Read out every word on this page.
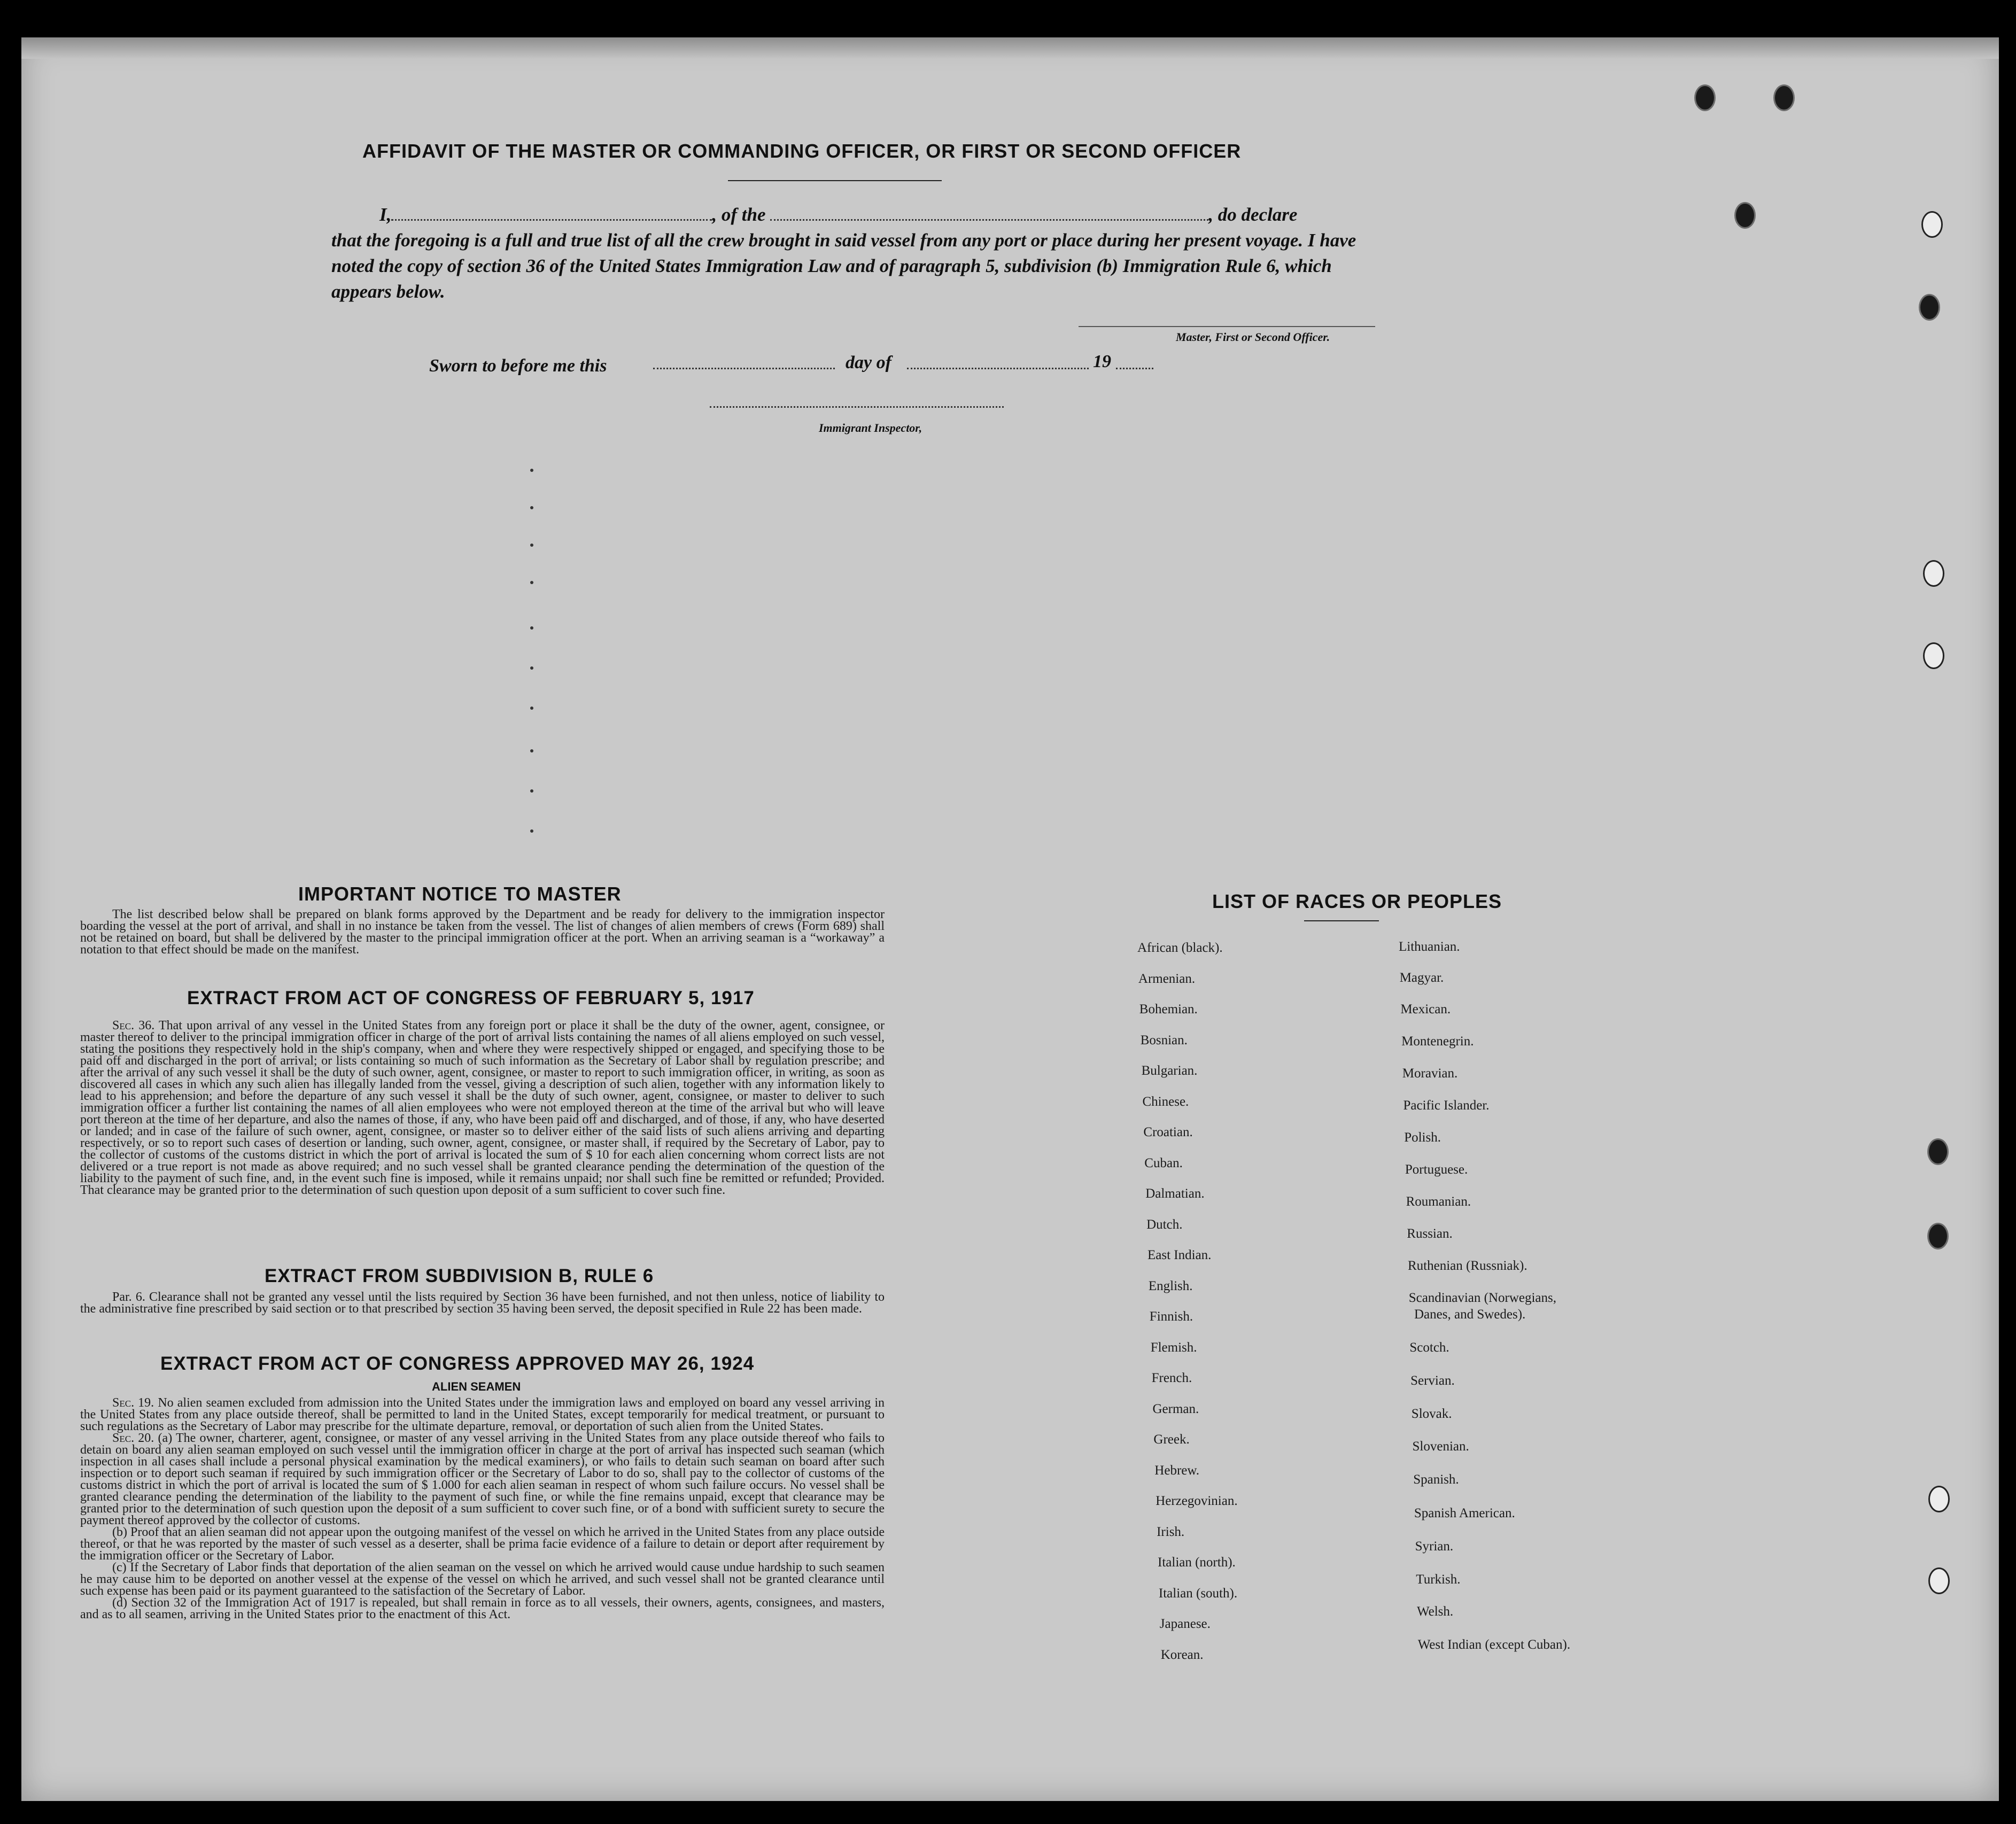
AFFIDAVIT OF THE MASTER OR COMMANDING OFFICER, OR FIRST OR SECOND OFFICER
I,	, of the	, do declare
that the foregoing is a full and true list of all the crew brought in said vessel from any port or place during her present voyage. I have noted the copy of section 36 of the United States Immigration Law and of paragraph 5, subdivision (b) Immigration Rule 6, which appears below.
Master, First or Second Officer.
Sworn to before me this	day of	19
Immigrant Inspector,
IMPORTANT NOTICE TO MASTER

The list described below shall be prepared on blank forms approved by the Department and be ready for delivery to the immigration inspector boarding the vessel at the port of arrival, and shall in no instance be taken from the vessel. The list of changes of alien members of crews (Form 689) shall not be retained on board, but shall be delivered by the master to the principal immigration officer at the port. When an arriving seaman is a “workaway” a notation to that effect should be made on the manifest.

EXTRACT FROM ACT OF CONGRESS OF FEBRUARY 5, 1917

Sec. 36. That upon arrival of any vessel in the United States from any foreign port or place it shall be the duty of the owner, agent, consignee, or master thereof to deliver to the principal immigration officer in charge of the port of arrival lists containing the names of all aliens employed on such vessel, stating the positions they respectively hold in the ship's company, when and where they were respectively shipped or engaged, and specifying those to be paid off and discharged in the port of arrival; or lists containing so much of such information as the Secretary of Labor shall by regulation prescribe; and after the arrival of any such vessel it shall be the duty of such owner, agent, consignee, or master to report to such immigration officer, in writing, as soon as discovered all cases in which any such alien has illegally landed from the vessel, giving a description of such alien, together with any information likely to lead to his apprehension; and before the departure of any such vessel it shall be the duty of such owner, agent, consignee, or master to deliver to such immigration officer a further list containing the names of all alien employees who were not employed thereon at the time of the arrival but who will leave port thereon at the time of her departure, and also the names of those, if any, who have been paid off and discharged, and of those, if any, who have deserted or landed; and in case of the failure of such owner, agent, consignee, or master so to deliver either of the said lists of such aliens arriving and departing respectively, or so to report such cases of desertion or landing, such owner, agent, consignee, or master shall, if required by the Secretary of Labor, pay to the collector of customs of the customs district in which the port of arrival is located the sum of $ 10 for each alien concerning whom correct lists are not delivered or a true report is not made as above required; and no such vessel shall be granted clearance pending the determination of the question of the liability to the payment of such fine, and, in the event such fine is imposed, while it remains unpaid; nor shall such fine be remitted or refunded; Provided. That clearance may be granted prior to the determination of such question upon deposit of a sum sufficient to cover such fine.

EXTRACT FROM SUBDIVISION B, RULE 6

Par. 6. Clearance shall not be granted any vessel until the lists required by Section 36 have been furnished, and not then unless, notice of liability to the administrative fine prescribed by said section or to that prescribed by section 35 having been served, the deposit specified in Rule 22 has been made.

EXTRACT FROM ACT OF CONGRESS APPROVED MAY 26, 1924
ALIEN SEAMEN

Sec. 19. No alien seamen excluded from admission into the United States under the immigration laws and employed on board any vessel arriving in the United States from any place outside thereof, shall be permitted to land in the United States, except temporarily for medical treatment, or pursuant to such regulations as the Secretary of Labor may prescribe for the ultimate departure, removal, or deportation of such alien from the United States.

Sec. 20. (a) The owner, charterer, agent, consignee, or master of any vessel arriving in the United States from any place outside thereof who fails to detain on board any alien seaman employed on such vessel until the immigration officer in charge at the port of arrival has inspected such seaman (which inspection in all cases shall include a personal physical examination by the medical examiners), or who fails to detain such seaman on board after such inspection or to deport such seaman if required by such immigration officer or the Secretary of Labor to do so, shall pay to the collector of customs of the customs district in which the port of arrival is located the sum of $ 1.000 for each alien seaman in respect of whom such failure occurs. No vessel shall be granted clearance pending the determination of the liability to the payment of such fine, or while the fine remains unpaid, except that clearance may be granted prior to the determination of such question upon the deposit of a sum sufficient to cover such fine, or of a bond with sufficient surety to secure the payment thereof approved by the collector of customs.

(b) Proof that an alien seaman did not appear upon the outgoing manifest of the vessel on which he arrived in the United States from any place outside thereof, or that he was reported by the master of such vessel as a deserter, shall be prima facie evidence of a failure to detain or deport after requirement by the immigration officer or the Secretary of Labor.

(c) If the Secretary of Labor finds that deportation of the alien seaman on the vessel on which he arrived would cause undue hardship to such seamen he may cause him to be deported on another vessel at the expense of the vessel on which he arrived, and such vessel shall not be granted clearance until such expense has been paid or its payment guaranteed to the satisfaction of the Secretary of Labor.

(d) Section 32 of the Immigration Act of 1917 is repealed, but shall remain in force as to all vessels, their owners, agents, consignees, and masters, and as to all seamen, arriving in the United States prior to the enactment of this Act.

LIST OF RACES OR PEOPLES
African (black).
Armenian.
Bohemian.
Bosnian.
Bulgarian.
Chinese.
Croatian.
Cuban.
Dalmatian.
Dutch.
East Indian.
English.
Finnish.
Flemish.
French.
German.
Greek.
Hebrew.
Herzegovinian.
Irish.
Italian (north).
Italian (south).
Japanese.
Korean.
Lithuanian.
Magyar.
Mexican.
Montenegrin.
Moravian.
Pacific Islander.
Polish.
Portuguese.
Roumanian.
Russian.
Ruthenian (Russniak).
Scandinavian (Norwegians,
Scotch.
Servian.
Slovak.
Slovenian.
Spanish.
Spanish American.
Syrian.
Turkish.
Welsh.
West Indian (except Cuban).
Danes, and Swedes).
